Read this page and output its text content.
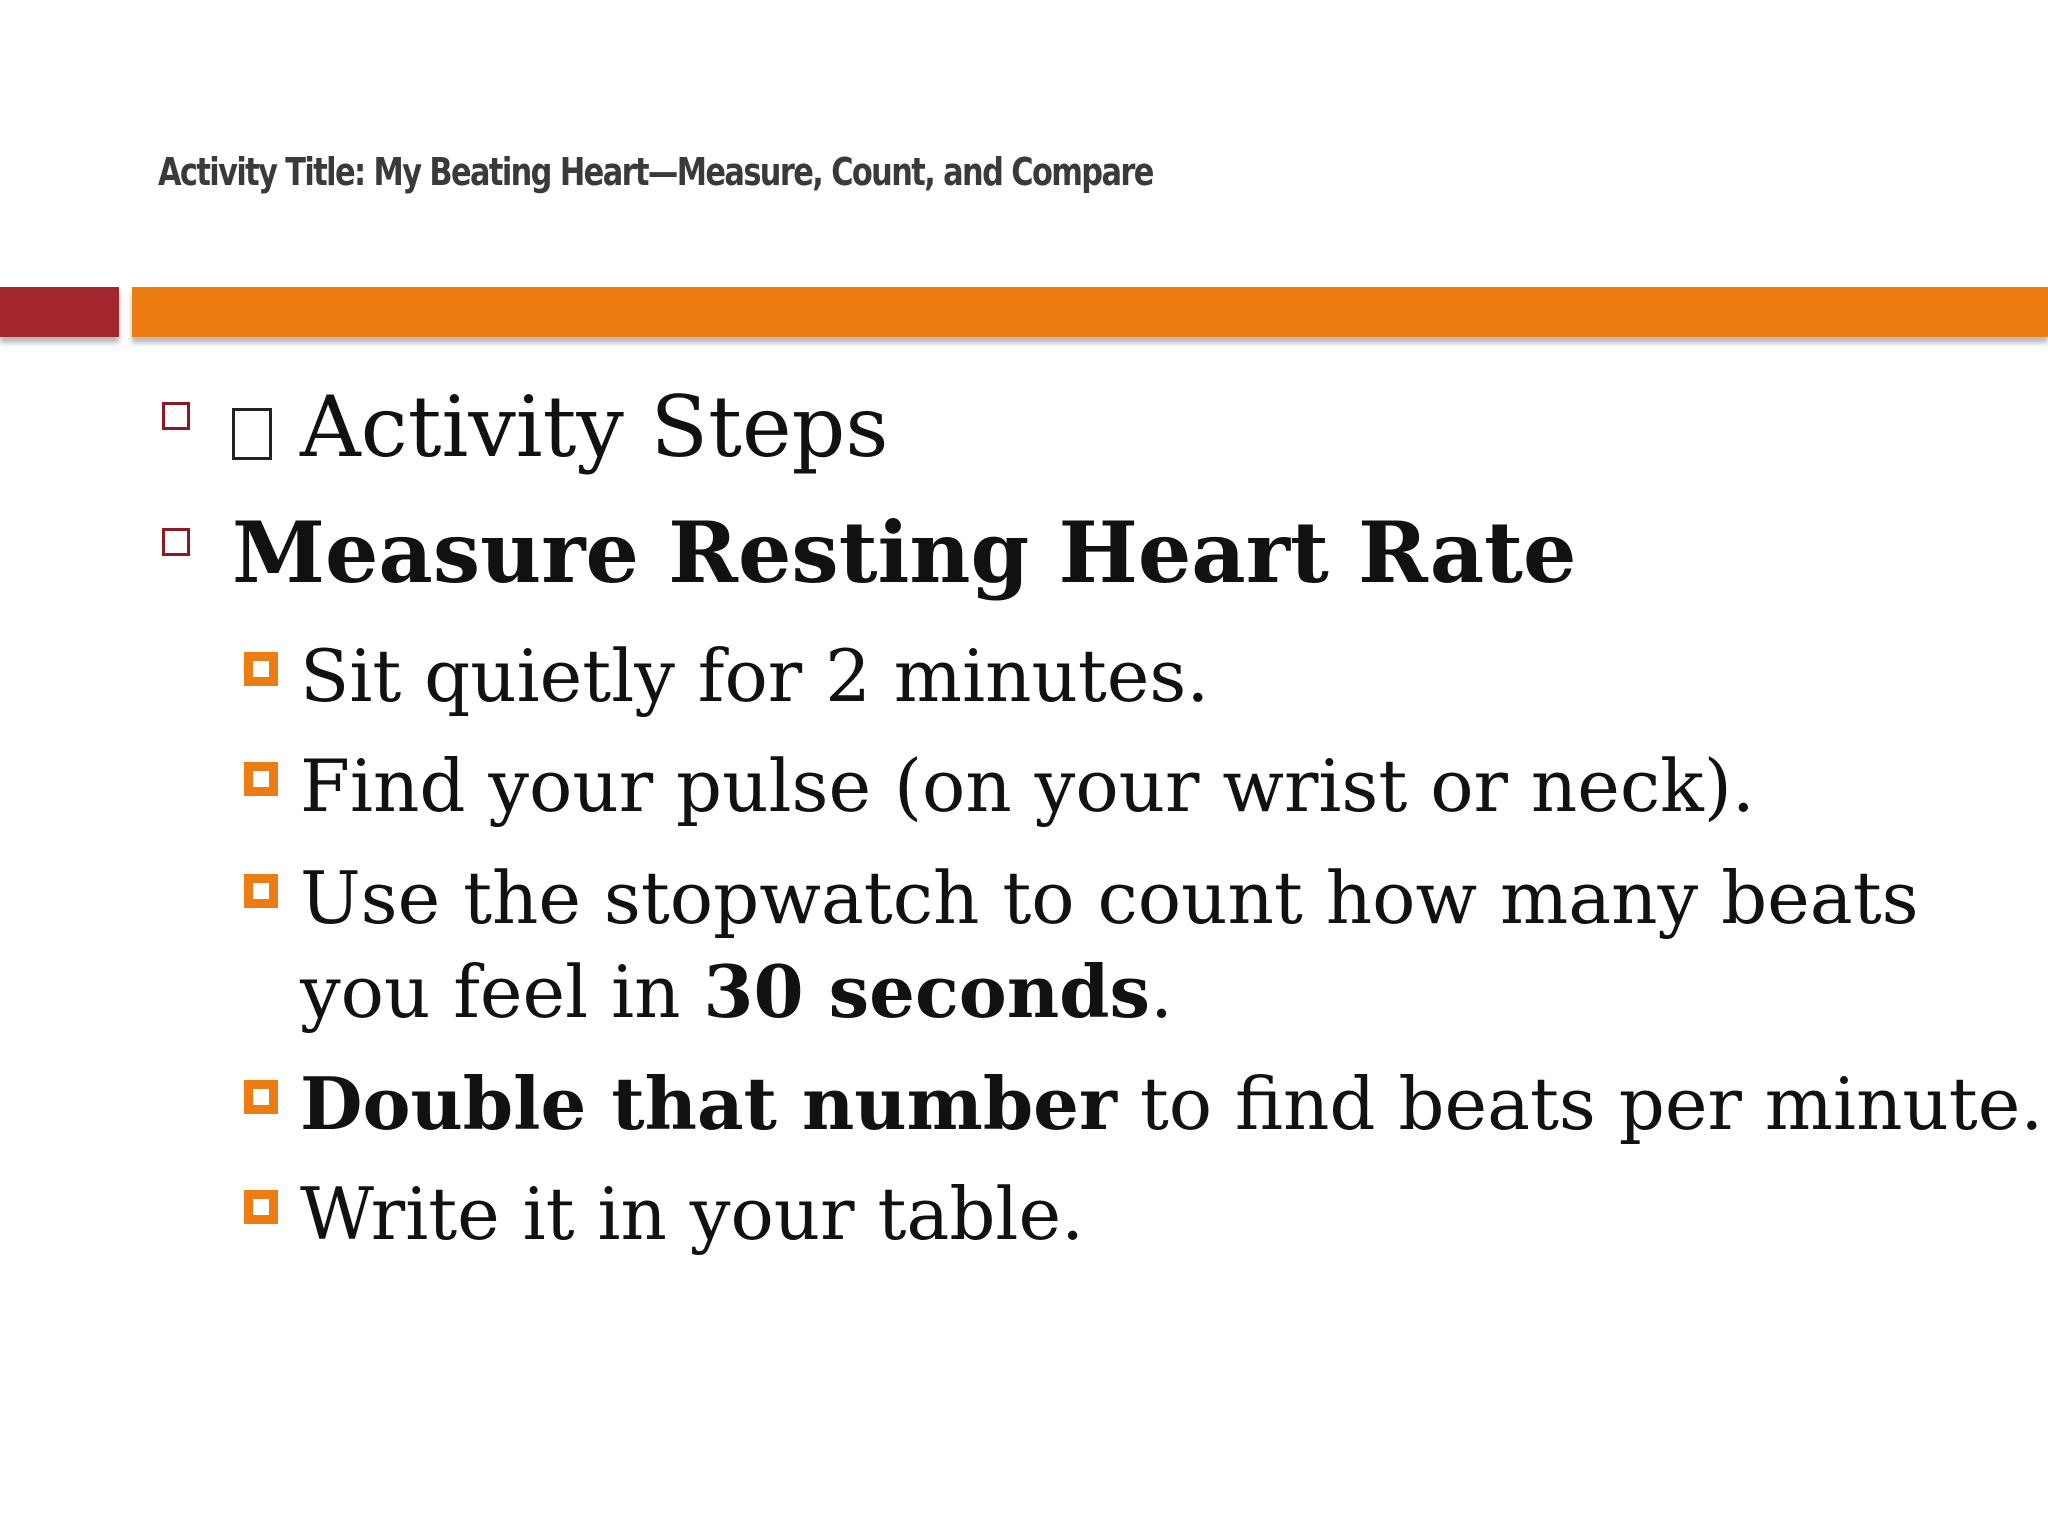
Activity Title: My Beating Heart—Measure, Count, and Compare
Activity Steps
Measure Resting Heart Rate
Sit quietly for 2 minutes.
Find your pulse (on your wrist or neck).
Use the stopwatch to count how many beats
you feel in 30 seconds.
Double that number to find beats per minute.
Write it in your table.
